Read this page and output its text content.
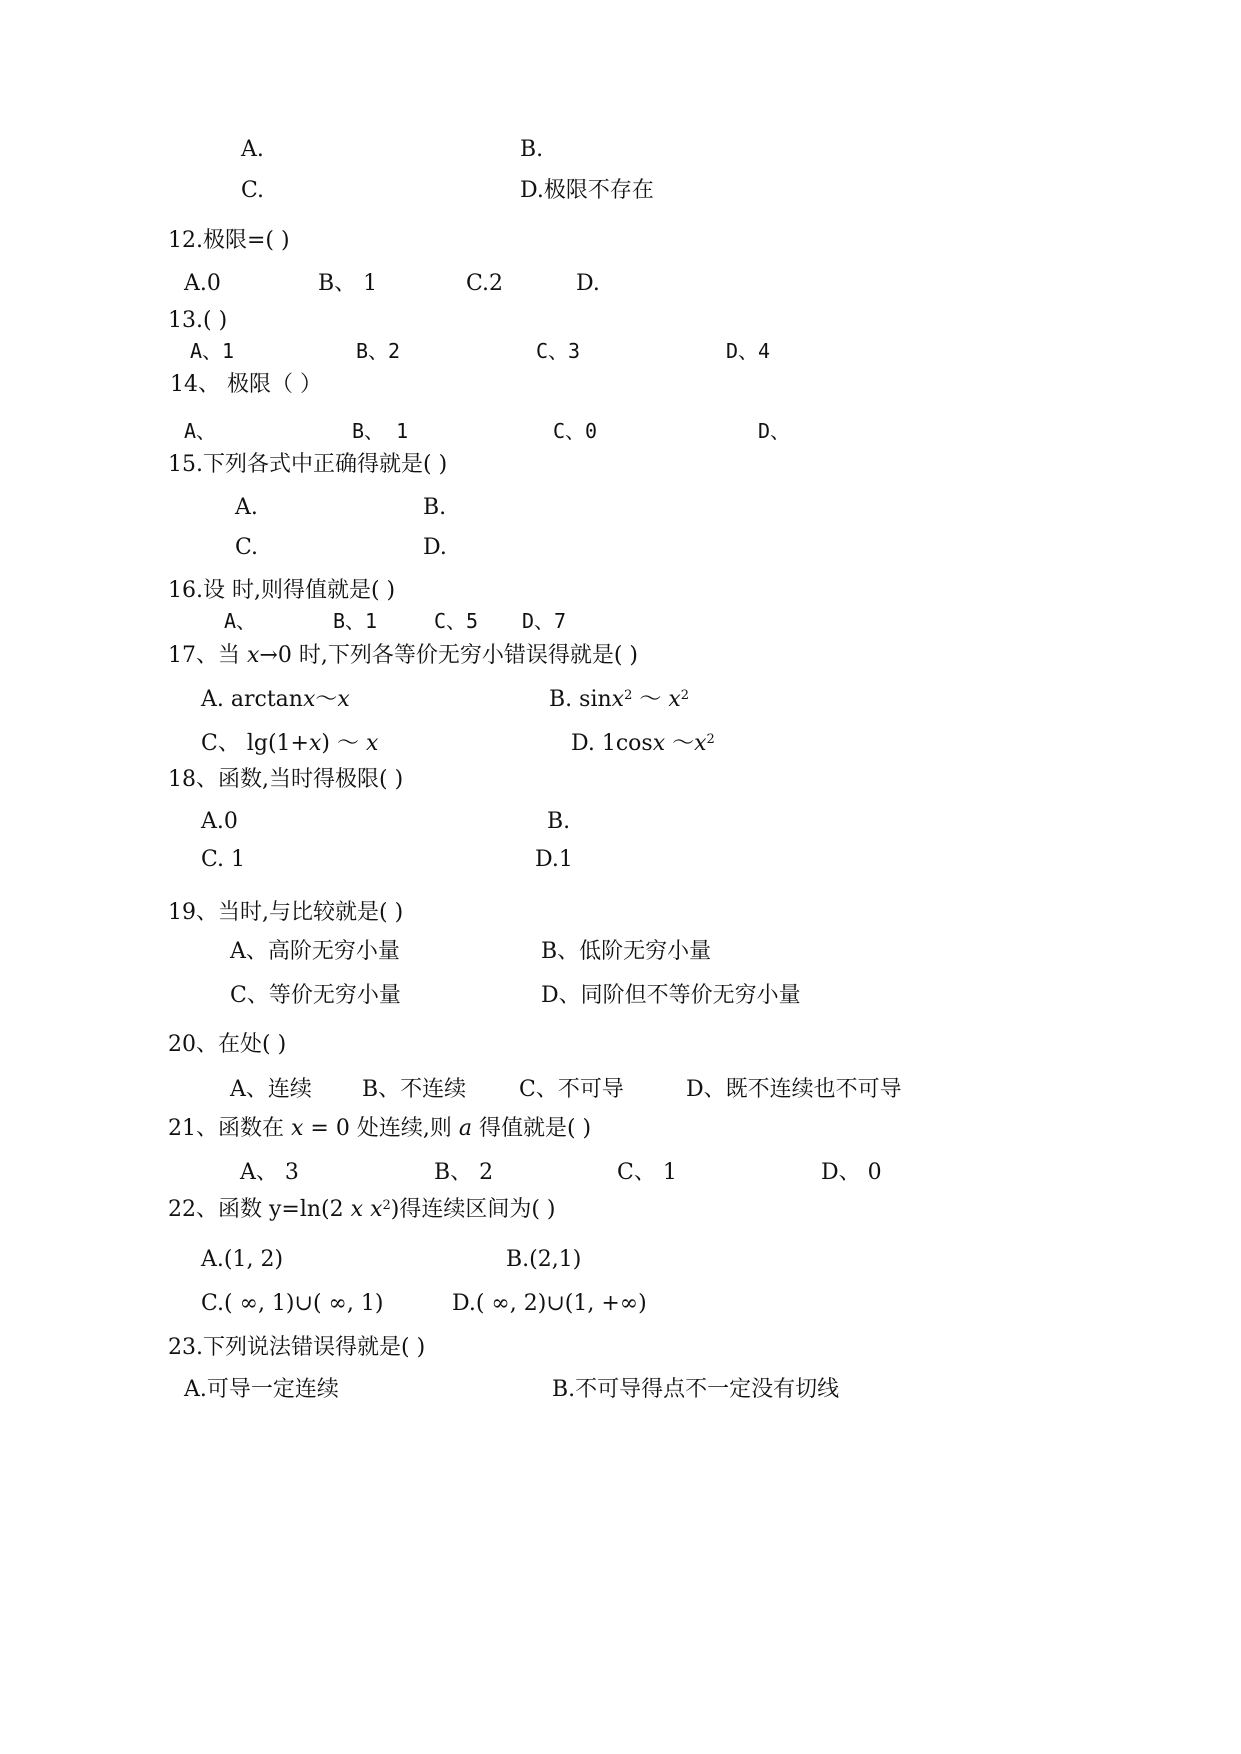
A.	B.
C.	D.极限不存在
12.极限=( )
A.0	B、 1	C.2	D.
13.( )
A、1	B、2	C、3	D、4
14、 极限（ ）
A、	B、 1	C、0	D、
15.下列各式中正确得就是( )
A.	B.
C.	D.
16.设 时,则得值就是( )
A、	B、1	C、5 D、7
17、当 x→0 时,下列各等价无穷小错误得就是( )
A. arctanx～x	B. sinx$^2$ ～ $x^2$
C、 lg(1+x) ～ x	D. 1cosx $\sim x^2$
18、函数,当时得极限( )
A.0	B.
C. 1	D.1
19、当时,与比较就是( )
A、高阶无穷小量	B、低阶无穷小量
C、等价无穷小量	D、同阶但不等价无穷小量
20、在处( )
A、连续 B、不连续 C、不可导	D、既不连续也不可导
21、函数在 x = 0 处连续,则 a 得值就是( )
A、 3	B、 2	C、 1	D、 0
22、函数 y=ln(2 x $x^2$)得连续区间为( )
A.(1, 2)	B.(2,1)
C.( ∞, 1)∪( ∞, 1)	D.( ∞, 2)∪(1, +∞)
23.下列说法错误得就是( )
A.可导一定连续	B.不可导得点不一定没有切线
